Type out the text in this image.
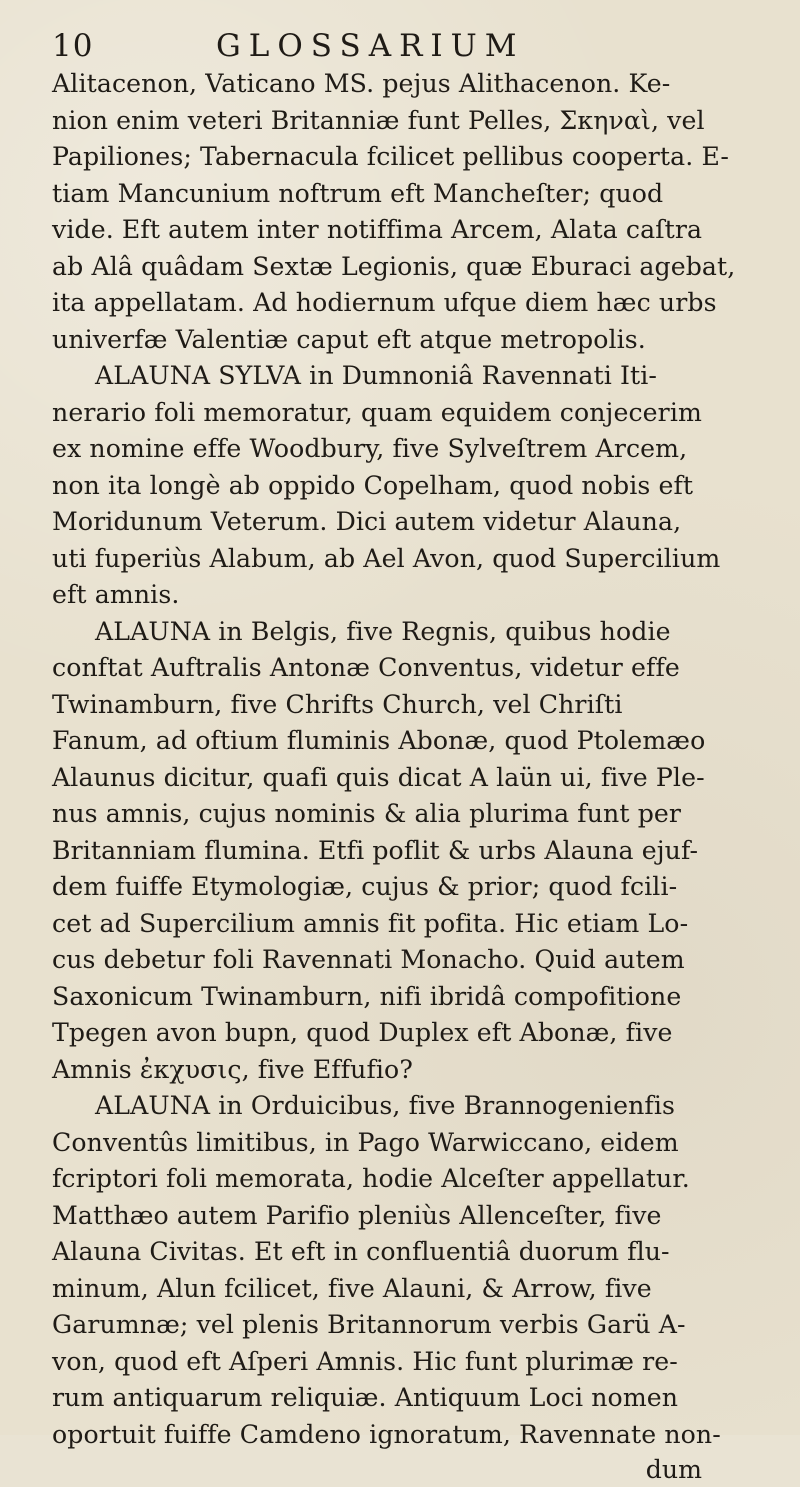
10	GLOSSARIUM
Alitacenon, Vaticano MS. pejus Alithacenon. Ke-
nion enim veteri Britanniæ funt Pelles, Σκηναὶ, vel
Papiliones; Tabernacula fcilicet pellibus cooperta. E-
tiam Mancunium noftrum eft Mancheſter; quod
vide. Eft autem inter notiffima Arcem, Alata caſtra
ab Alâ quâdam Sextæ Legionis, quæ Eburaci agebat,
ita appellatam. Ad hodiernum ufque diem hæc urbs
univerfæ Valentiæ caput eft atque metropolis.
ALAUNA SYLVA in Dumnoniâ Ravennati Iti-
nerario foli memoratur, quam equidem conjecerim
ex nomine effe Woodbury, five Sylveſtrem Arcem,
non ita longè ab oppido Copelham, quod nobis eft
Moridunum Veterum. Dici autem videtur Alauna,
uti fuperiùs Alabum, ab Ael Avon, quod Supercilium
eft amnis.
ALAUNA in Belgis, five Regnis, quibus hodie
conftat Auftralis Antonæ Conventus, videtur effe
Twinamburn, five Chrifts Church, vel Chriſti
Fanum, ad oftium fluminis Abonæ, quod Ptolemæo
Alaunus dicitur, quafi quis dicat A laün ui, five Ple-
nus amnis, cujus nominis & alia plurima funt per
Britanniam flumina. Etfi poflit & urbs Alauna ejuf-
dem fuiffe Etymologiæ, cujus & prior; quod fcili-
cet ad Supercilium amnis fit pofita. Hic etiam Lo-
cus debetur foli Ravennati Monacho. Quid autem
Saxonicum Twinamburn, nifi ibridâ compofitione
Tpegen avon bupn, quod Duplex eft Abonæ, five
Amnis ἐκχυσις, five Effufio?
ALAUNA in Orduicibus, five Brannogenienfis
Conventûs limitibus, in Pago Warwiccano, eidem
fcriptori foli memorata, hodie Alceſter appellatur.
Matthæo autem Parifio pleniùs Allenceſter, five
Alauna Civitas. Et eft in confluentiâ duorum flu-
minum, Alun fcilicet, five Alauni, & Arrow, five
Garumnæ; vel plenis Britannorum verbis Garü A-
von, quod eft Aſperi Amnis. Hic funt plurimæ re-
rum antiquarum reliquiæ. Antiquum Loci nomen
oportuit fuiffe Camdeno ignoratum, Ravennate non-
dum
